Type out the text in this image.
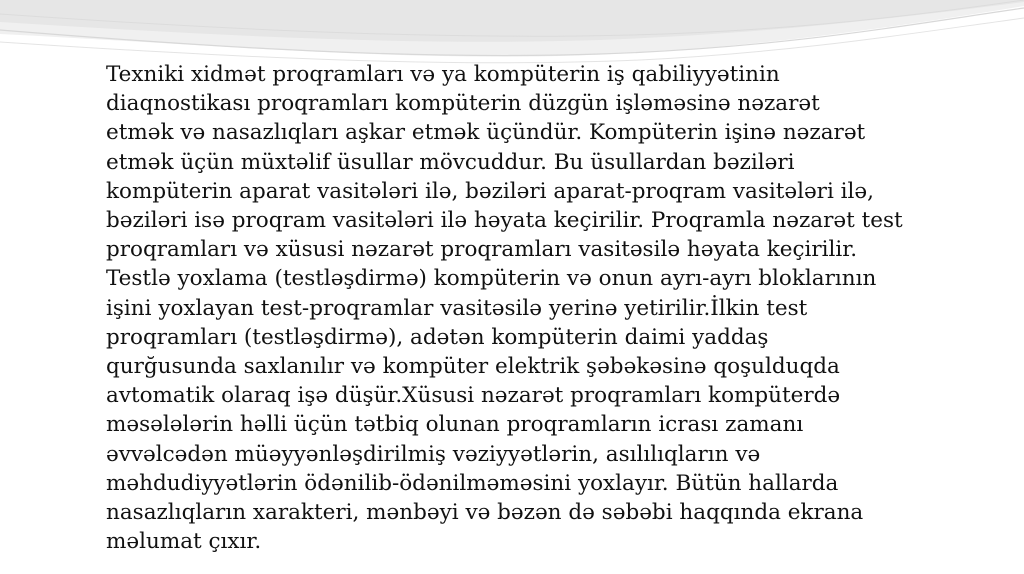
Texniki xidmət proqramları və ya kompüterin iş qabiliyyətinin
diaqnostikası proqramları kompüterin düzgün işləməsinə nəzarət
etmək və nasazlıqları aşkar etmək üçündür. Kompüterin işinə nəzarət
etmək üçün müxtəlif üsullar mövcuddur. Bu üsullardan bəziləri
kompüterin aparat vasitələri ilə, bəziləri aparat-proqram vasitələri ilə,
bəziləri isə proqram vasitələri ilə həyata keçirilir. Proqramla nəzarət test
proqramları və xüsusi nəzarət proqramları vasitəsilə həyata keçirilir.
Testlə yoxlama (testləşdirmə) kompüterin və onun ayrı-ayrı bloklarının
işini yoxlayan test-proqramlar vasitəsilə yerinə yetirilir.İlkin test
proqramları (testləşdirmə), adətən kompüterin daimi yaddaş
qurğusunda saxlanılır və kompüter elektrik şəbəkəsinə qoşulduqda
avtomatik olaraq işə düşür.Xüsusi nəzarət proqramları kompüterdə
məsələlərin həlli üçün tətbiq olunan proqramların icrası zamanı
əvvəlcədən müəyyənləşdirilmiş vəziyyətlərin, asılılıqların və
məhdudiyyətlərin ödənilib-ödənilməməsini yoxlayır. Bütün hallarda
nasazlıqların xarakteri, mənbəyi və bəzən də səbəbi haqqında ekrana
məlumat çıxır.
